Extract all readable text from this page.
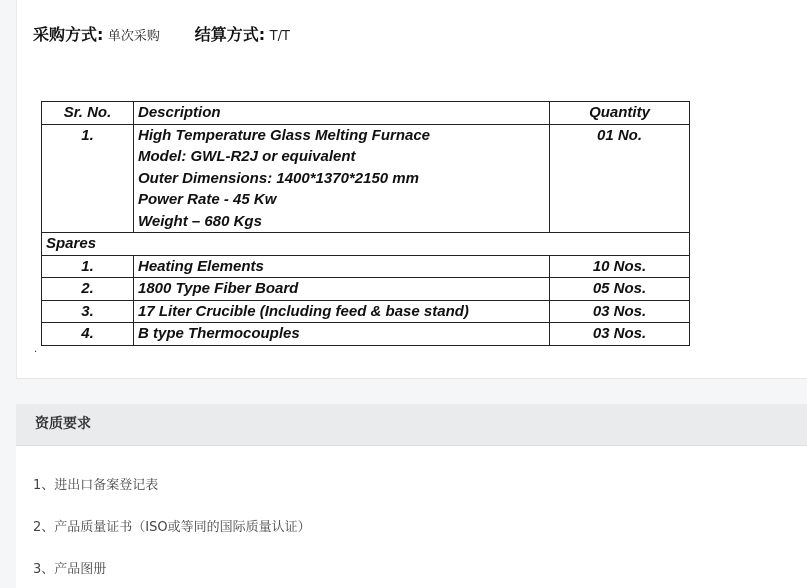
采购方式: 单次采购 结算方式: T/T
Sr. No.	Description	Quantity
1.	High Temperature Glass Melting Furnace
Model: GWL-R2J or equivalent
Outer Dimensions: 1400*1370*2150 mm
Power Rate - 45 Kw
Weight – 680 Kgs	01 No.
Spares		
1.	Heating Elements	10 Nos.
2.	1800 Type Fiber Board	05 Nos.
3.	17 Liter Crucible (Including feed & base stand)	03 Nos.
4.	B type Thermocouples	03 Nos.
.
资质要求
1、进出口备案登记表
2、产品质量证书（ISO或等同的国际质量认证）
3、产品图册
